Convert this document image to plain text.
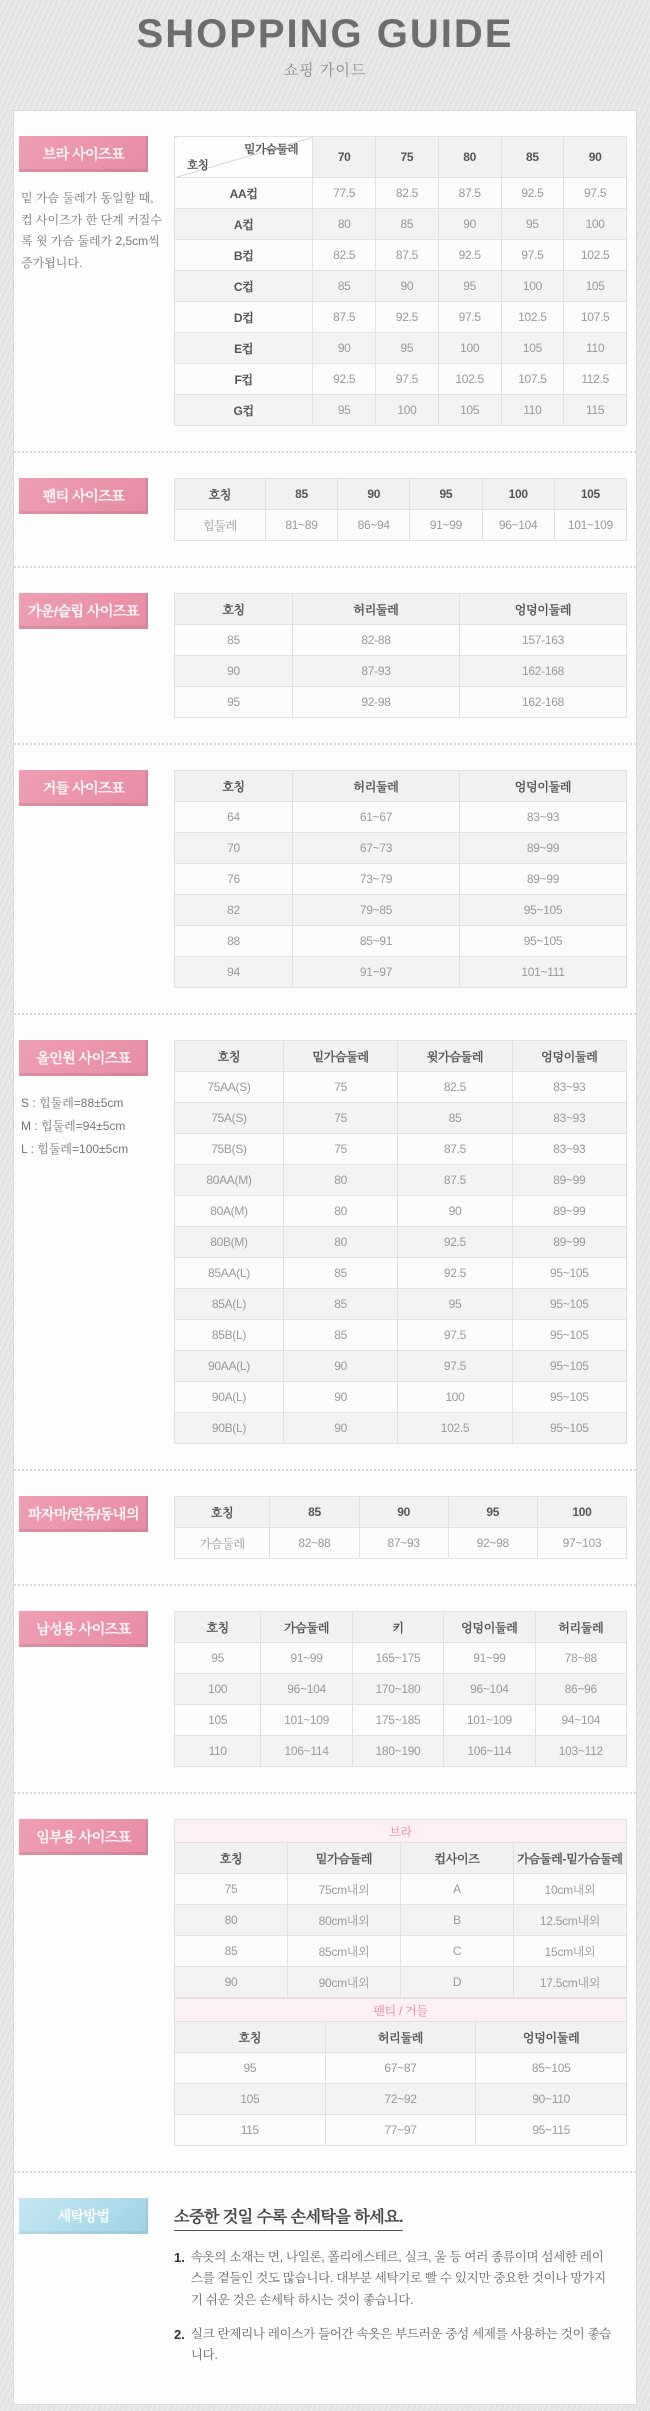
SHOPPING GUIDE
쇼핑 가이드
브라 사이즈표

밑 가슴 둘레가 동일할 때, 컵 사이즈가 한 단계 커질수록 윗 가슴 둘레가 2,5cm씩 증가됩니다.

밑가슴둘레
호칭	70	75	80	85	90
AA컵	77.5	82.5	87.5	92.5	97.5
A컵	80	85	90	95	100
B컵	82.5	87.5	92.5	97.5	102.5
C컵	85	90	95	100	105
D컵	87.5	92.5	97.5	102.5	107.5
E컵	90	95	100	105	110
F컵	92.5	97.5	102.5	107.5	112.5
G컵	95	100	105	110	115
팬티 사이즈표	호칭	85	90	95	100	105
힙둘레	81~89	86~94	91~99	96~104	101~109
가운/슬립 사이즈표	호칭	허리둘레	엉덩이둘레
85	82-88	157-163
90	87-93	162-168
95	92-98	162-168
거들 사이즈표	호칭	허리둘레	엉덩이둘레
64	61~67	83~93
70	67~73	89~99
76	73~79	89~99
82	79~85	95~105
88	85~91	95~105
94	91~97	101~111
올인원 사이즈표
S : 힙둘레=88±5cm
M : 힙둘레=94±5cm
L : 힙둘레=100±5cm
호칭	밑가슴둘레	윗가슴둘레	엉덩이둘레
75AA(S)	75	82.5	83~93
75A(S)	75	85	83~93
75B(S)	75	87.5	83~93
80AA(M)	80	87.5	89~99
80A(M)	80	90	89~99
80B(M)	80	92.5	89~99
85AA(L)	85	92.5	95~105
85A(L)	85	95	95~105
85B(L)	85	97.5	95~105
90AA(L)	90	97.5	95~105
90A(L)	90	100	95~105
90B(L)	90	102.5	95~105
파자마/란쥬/동내의	호칭	85	90	95	100
가슴둘레	82~88	87~93	92~98	97~103
남성용 사이즈표	호칭	가슴둘레	키	엉덩이둘레	허리둘레
95	91~99	165~175	91~99	78~88
100	96~104	170~180	96~104	86~96
105	101~109	175~185	101~109	94~104
110	106~114	180~190	106~114	103~112
임부용 사이즈표	브라			
호칭	밑가슴둘레	컵사이즈	가슴둘레-밑가슴둘레
75	75cm내외	A	10cm내외
80	80cm내외	B	12.5cm내외
85	85cm내외	C	15cm내외
90	90cm내외	D	17.5cm내외
팬티 / 거들		
호칭	허리둘레	엉덩이둘레
95	67~87	85~105
105	72~92	90~110
115	77~97	95~115
세탁방법	소중한 것일 수록 손세탁을 하세요.
1. 속옷의 소재는 면, 나일론, 폴리에스테르, 실크, 울 등 여러 종류이며 섬세한 레이스를 곁들인 것도 많습니다. 대부분 세탁기로 빨 수 있지만 중요한 것이나 망가지기 쉬운 것은 손세탁 하시는 것이 좋습니다.
2. 실크 란제리나 레이스가 들어간 속옷은 부드러운 중성 세제를 사용하는 것이 좋습니다.
